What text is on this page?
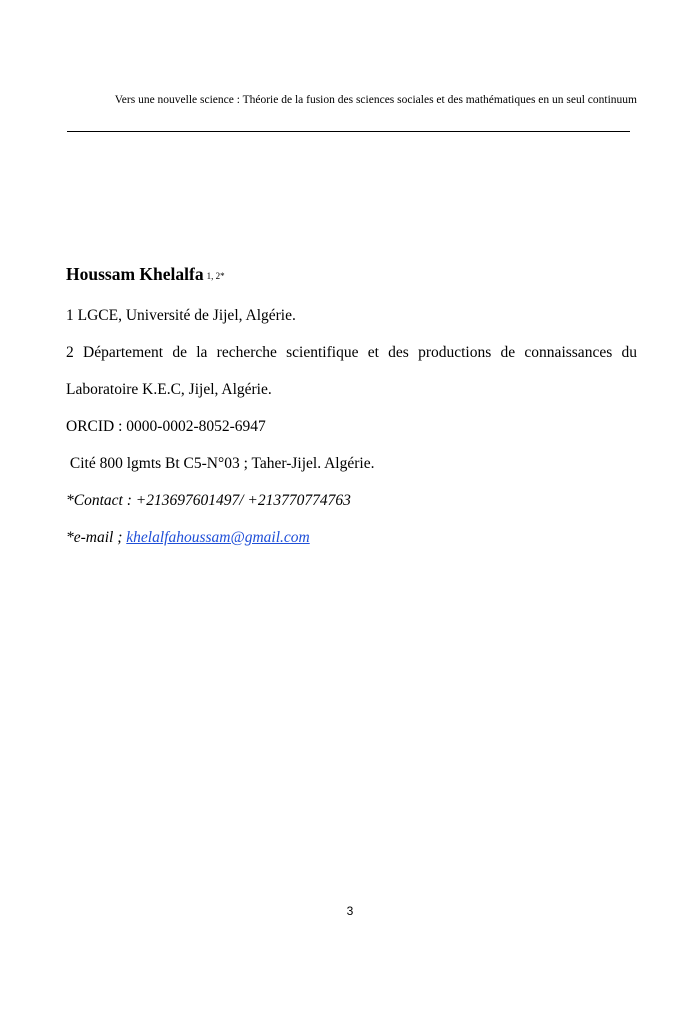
Vers une nouvelle science : Théorie de la fusion des sciences sociales et des mathématiques en un seul continuum

Houssam Khelalfa 1, 2*

1 LGCE, Université de Jijel, Algérie.

2 Département de la recherche scientifique et des productions de connaissances du

Laboratoire K.E.C, Jijel, Algérie.

ORCID : 0000-0002-8052-6947

Cité 800 lgmts Bt C5-N°03 ; Taher-Jijel. Algérie.

*Contact : +213697601497/ +213770774763

*e-mail ; khelalfahoussam@gmail.com

3
